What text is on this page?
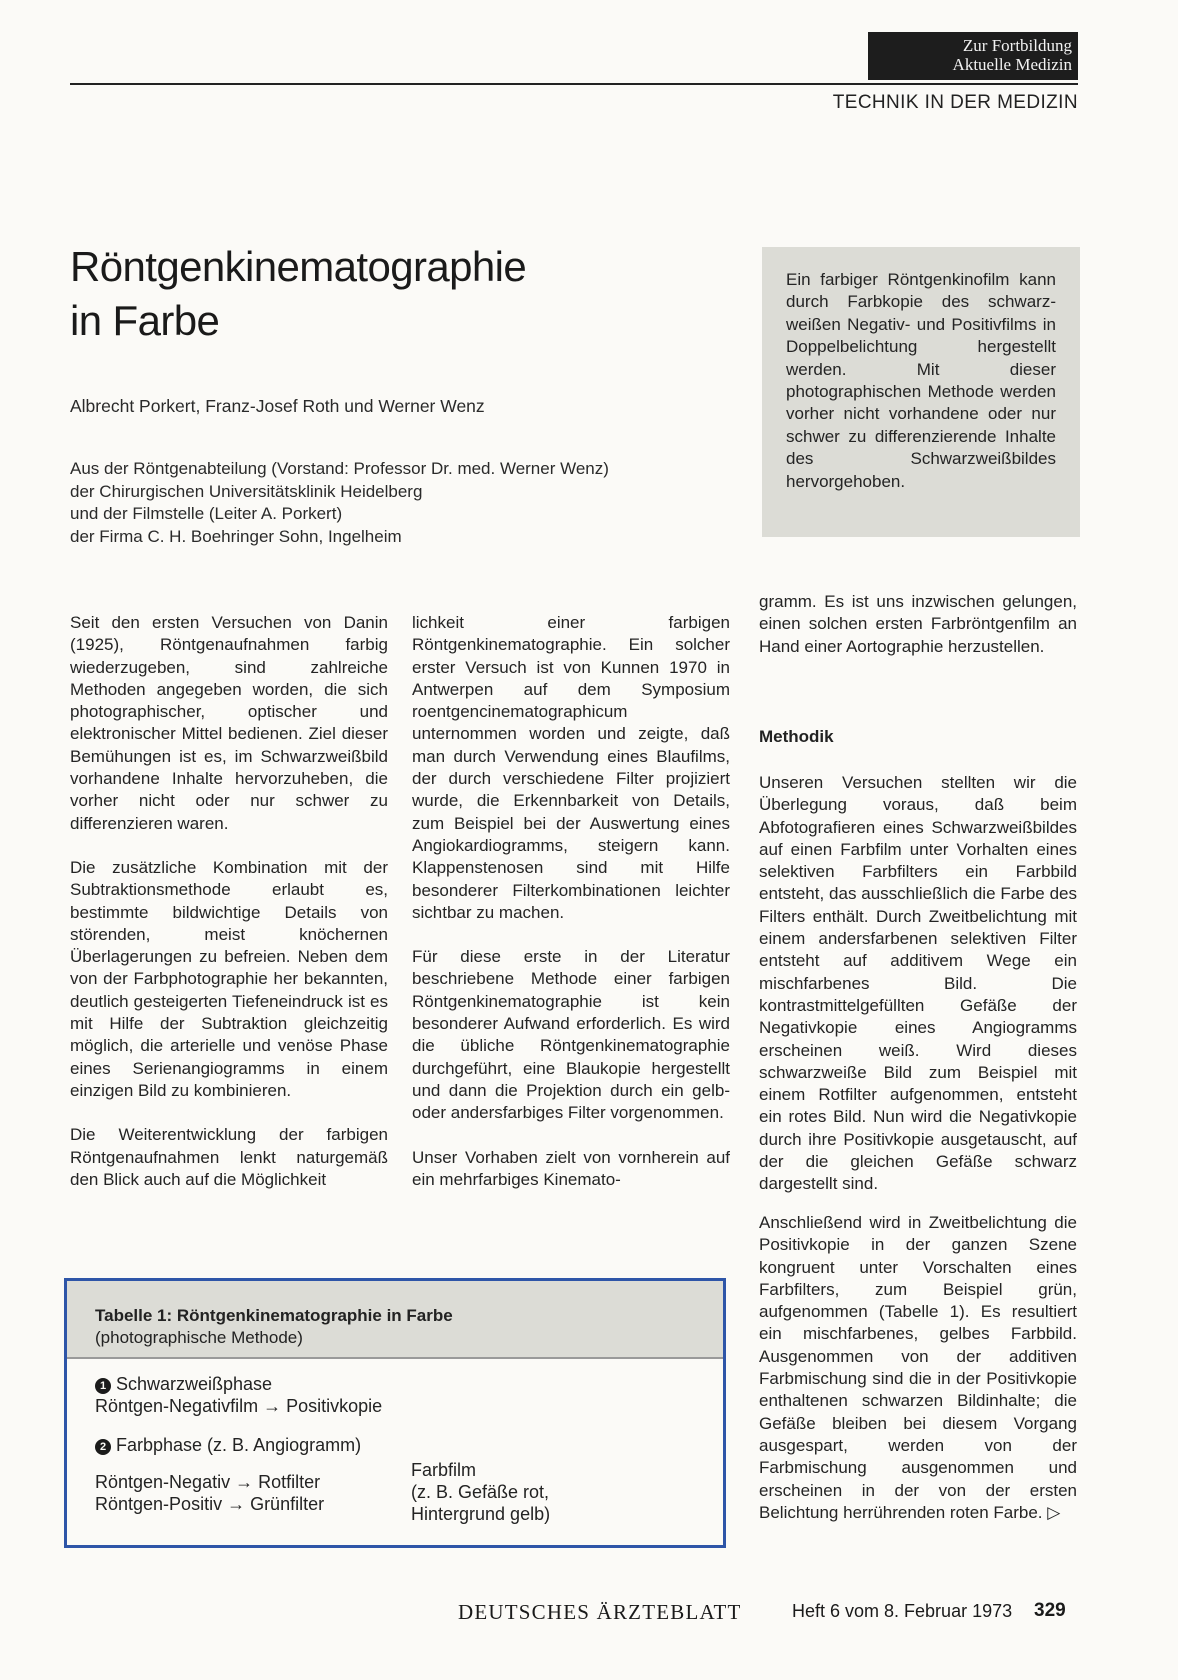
Zur Fortbildung
Aktuelle Medizin
TECHNIK IN DER MEDIZIN
Röntgenkinematographie
in Farbe
Albrecht Porkert, Franz-Josef Roth und Werner Wenz
Aus der Röntgenabteilung (Vorstand: Professor Dr. med. Werner Wenz)
der Chirurgischen Universitätsklinik Heidelberg
und der Filmstelle (Leiter A. Porkert)
der Firma C. H. Boehringer Sohn, Ingelheim
Ein farbiger Röntgenkinofilm kann durch Farbkopie des schwarz-weißen Negativ- und Positivfilms in Doppelbelichtung hergestellt werden. Mit dieser photographischen Methode werden vorher nicht vorhandene oder nur schwer zu differenzierende Inhalte des Schwarzweißbildes hervorgehoben.

Seit den ersten Versuchen von Danin (1925), Röntgenaufnahmen farbig wiederzugeben, sind zahlreiche Methoden angegeben worden, die sich photographischer, optischer und elektronischer Mittel bedienen. Ziel dieser Bemühungen ist es, im Schwarzweißbild vorhandene Inhalte hervorzuheben, die vorher nicht oder nur schwer zu differenzieren waren.

Die zusätzliche Kombination mit der Subtraktionsmethode erlaubt es, bestimmte bildwichtige Details von störenden, meist knöchernen Überlagerungen zu befreien. Neben dem von der Farbphotographie her bekannten, deutlich gesteigerten Tiefeneindruck ist es mit Hilfe der Subtraktion gleichzeitig möglich, die arterielle und venöse Phase eines Serienangiogramms in einem einzigen Bild zu kombinieren.

Die Weiterentwicklung der farbigen Röntgenaufnahmen lenkt naturgemäß den Blick auch auf die Möglichkeit

lichkeit einer farbigen Röntgenkinematographie. Ein solcher erster Versuch ist von Kunnen 1970 in Antwerpen auf dem Symposium roentgencinematographicum unternommen worden und zeigte, daß man durch Verwendung eines Blaufilms, der durch verschiedene Filter projiziert wurde, die Erkennbarkeit von Details, zum Beispiel bei der Auswertung eines Angiokardiogramms, steigern kann. Klappenstenosen sind mit Hilfe besonderer Filterkombinationen leichter sichtbar zu machen.

Für diese erste in der Literatur beschriebene Methode einer farbigen Röntgenkinematographie ist kein besonderer Aufwand erforderlich. Es wird die übliche Röntgenkinematographie durchgeführt, eine Blaukopie hergestellt und dann die Projektion durch ein gelb- oder andersfarbiges Filter vorgenommen.

Unser Vorhaben zielt von vornherein auf ein mehrfarbiges Kinemato-

gramm. Es ist uns inzwischen gelungen, einen solchen ersten Farbröntgenfilm an Hand einer Aortographie herzustellen.

Methodik

Unseren Versuchen stellten wir die Überlegung voraus, daß beim Abfotografieren eines Schwarzweißbildes auf einen Farbfilm unter Vorhalten eines selektiven Farbfilters ein Farbbild entsteht, das ausschließlich die Farbe des Filters enthält. Durch Zweitbelichtung mit einem andersfarbenen selektiven Filter entsteht auf additivem Wege ein mischfarbenes Bild. Die kontrastmittelgefüllten Gefäße der Negativkopie eines Angiogramms erscheinen weiß. Wird dieses schwarzweiße Bild zum Beispiel mit einem Rotfilter aufgenommen, entsteht ein rotes Bild. Nun wird die Negativkopie durch ihre Positivkopie ausgetauscht, auf der die gleichen Gefäße schwarz dargestellt sind.

Anschließend wird in Zweitbelichtung die Positivkopie in der ganzen Szene kongruent unter Vorschalten eines Farbfilters, zum Beispiel grün, aufgenommen (Tabelle 1). Es resultiert ein mischfarbenes, gelbes Farbbild. Ausgenommen von der additiven Farbmischung sind die in der Positivkopie enthaltenen schwarzen Bildinhalte; die Gefäße bleiben bei diesem Vorgang ausgespart, werden von der Farbmischung ausgenommen und erscheinen in der von der ersten Belichtung herrührenden roten Farbe. ▷

Tabelle 1: Röntgenkinematographie in Farbe
(photographische Methode)
1 Schwarzweißphase
Röntgen-Negativfilm → Positivkopie
2 Farbphase (z. B. Angiogramm)
Röntgen-Negativ → Rotfilter
Röntgen-Positiv → Grünfilter
Farbfilm
(z. B. Gefäße rot,
Hintergrund gelb)
DEUTSCHES ÄRZTEBLATT	Heft 6 vom 8. Februar 1973 329
